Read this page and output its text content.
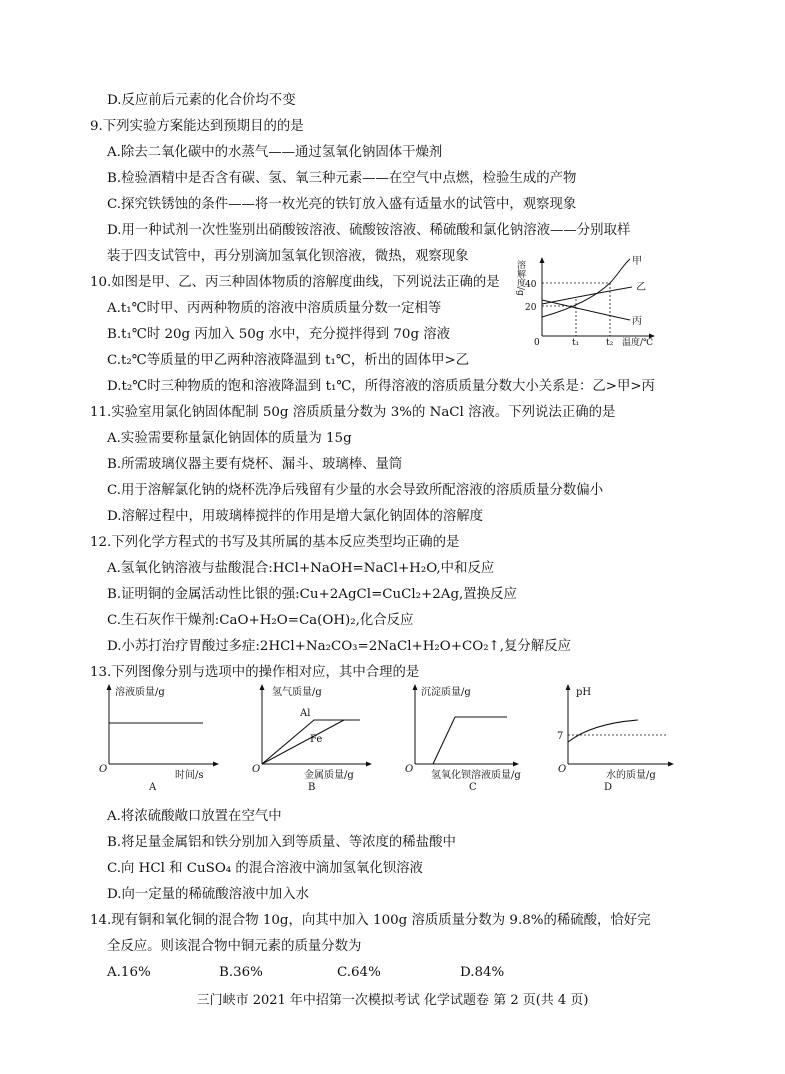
D.反应前后元素的化合价均不变
9.下列实验方案能达到预期目的的是
A.除去二氧化碳中的水蒸气——通过氢氧化钠固体干燥剂
B.检验酒精中是否含有碳、氢、氧三种元素——在空气中点燃，检验生成的产物
C.探究铁锈蚀的条件——将一枚光亮的铁钉放入盛有适量水的试管中，观察现象
D.用一种试剂一次性鉴别出硝酸铵溶液、硫酸铵溶液、稀硫酸和氯化钠溶液——分别取样
装于四支试管中，再分别滴加氢氧化钡溶液，微热，观察现象
10.如图是甲、乙、丙三种固体物质的溶解度曲线，下列说法正确的是
A.t₁℃时甲、丙两种物质的溶液中溶质质量分数一定相等
B.t₁℃时 20g 丙加入 50g 水中，充分搅拌得到 70g 溶液
C.t₂℃等质量的甲乙两种溶液降温到 t₁℃，析出的固体甲>乙
D.t₂℃时三种物质的饱和溶液降温到 t₁℃，所得溶液的溶质质量分数大小关系是：乙>甲>丙
溶解度/g 40
20
0	t₁	t₂ 温度/℃
甲
乙
丙
11.实验室用氯化钠固体配制 50g 溶质质量分数为 3%的 NaCl 溶液。下列说法正确的是
A.实验需要称量氯化钠固体的质量为 15g
B.所需玻璃仪器主要有烧杯、漏斗、玻璃棒、量筒
C.用于溶解氯化钠的烧杯洗净后残留有少量的水会导致所配溶液的溶质质量分数偏小
D.溶解过程中，用玻璃棒搅拌的作用是增大氯化钠固体的溶解度
12.下列化学方程式的书写及其所属的基本反应类型均正确的是
A.氢氧化钠溶液与盐酸混合:HCl+NaOH=NaCl+H₂O,中和反应
B.证明铜的金属活动性比银的强:Cu+2AgCl=CuCl₂+2Ag,置换反应
C.生石灰作干燥剂:CaO+H₂O=Ca(OH)₂,化合反应
D.小苏打治疗胃酸过多症:2HCl+Na₂CO₃=2NaCl+H₂O+CO₂↑,复分解反应
13.下列图像分别与选项中的操作相对应，其中合理的是
溶液质量/g
O
时间/s
A
氢气质量/g
Al
Fe
O
金属质量/g
B
沉淀质量/g
O
氢氧化钡溶液质量/g
C
pH
7
O
水的质量/g
D
A.将浓硫酸敞口放置在空气中
B.将足量金属铝和铁分别加入到等质量、等浓度的稀盐酸中
C.向 HCl 和 CuSO₄ 的混合溶液中滴加氢氧化钡溶液
D.向一定量的稀硫酸溶液中加入水
14.现有铜和氧化铜的混合物 10g，向其中加入 100g 溶质质量分数为 9.8%的稀硫酸，恰好完
全反应。则该混合物中铜元素的质量分数为
A.16%	B.36%	C.64%	D.84%
三门峡市 2021 年中招第一次模拟考试 化学试题卷 第 2 页(共 4 页)
